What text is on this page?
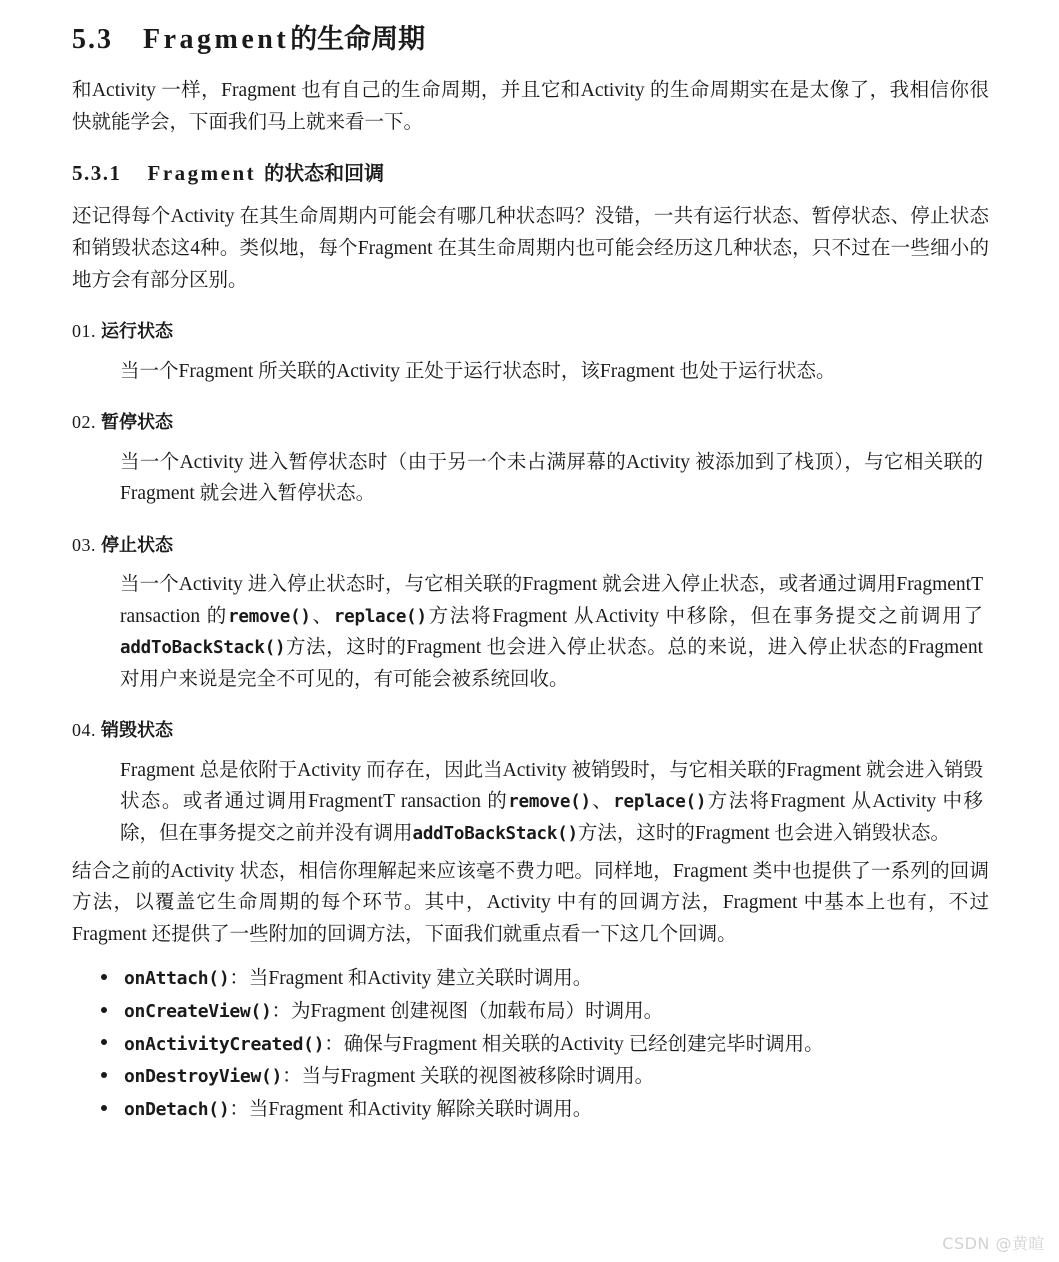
5.3 Fragment的生命周期

和Activity 一样，Fragment 也有自己的生命周期，并且它和Activity 的生命周期实在是太像了，我相信你很快就能学会，下面我们马上就来看一下。

5.3.1 Fragment 的状态和回调

还记得每个Activity 在其生命周期内可能会有哪几种状态吗？没错，一共有运行状态、暂停状态、停止状态和销毁状态这4种。类似地，每个Fragment 在其生命周期内也可能会经历这几种状态，只不过在一些细小的地方会有部分区别。

01. 运行状态

当一个Fragment 所关联的Activity 正处于运行状态时，该Fragment 也处于运行状态。

02. 暂停状态

当一个Activity 进入暂停状态时（由于另一个未占满屏幕的Activity 被添加到了栈顶），与它相关联的Fragment 就会进入暂停状态。

03. 停止状态

当一个Activity 进入停止状态时，与它相关联的Fragment 就会进入停止状态，或者通过调用FragmentT ransaction 的remove()、replace()方法将Fragment 从Activity 中移除，但在事务提交之前调用了addToBackStack()方法，这时的Fragment 也会进入停止状态。总的来说，进入停止状态的Fragment 对用户来说是完全不可见的，有可能会被系统回收。

04. 销毁状态

Fragment 总是依附于Activity 而存在，因此当Activity 被销毁时，与它相关联的Fragment 就会进入销毁状态。或者通过调用FragmentT ransaction 的remove()、replace()方法将Fragment 从Activity 中移除，但在事务提交之前并没有调用addToBackStack()方法，这时的Fragment 也会进入销毁状态。

结合之前的Activity 状态，相信你理解起来应该毫不费力吧。同样地，Fragment 类中也提供了一系列的回调方法，以覆盖它生命周期的每个环节。其中，Activity 中有的回调方法，Fragment 中基本上也有，不过Fragment 还提供了一些附加的回调方法，下面我们就重点看一下这几个回调。

onAttach()：当Fragment 和Activity 建立关联时调用。
onCreateView()：为Fragment 创建视图（加载布局）时调用。
onActivityCreated()：确保与Fragment 相关联的Activity 已经创建完毕时调用。
onDestroyView()：当与Fragment 关联的视图被移除时调用。
onDetach()：当Fragment 和Activity 解除关联时调用。
CSDN @黄暄
